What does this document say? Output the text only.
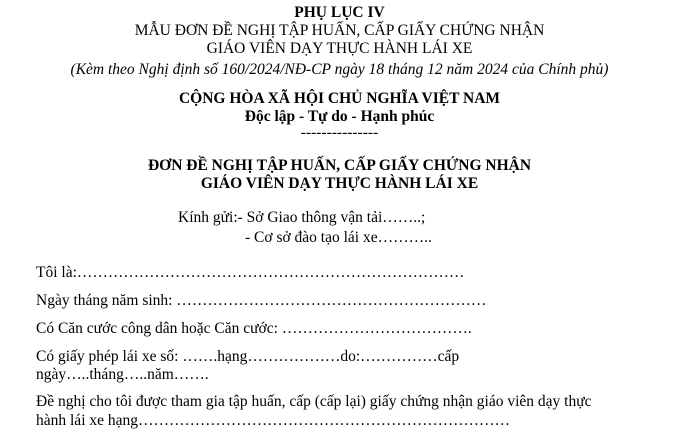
PHỤ LỤC IV
MẪU ĐƠN ĐỀ NGHỊ TẬP HUẤN, CẤP GIẤY CHỨNG NHẬN
GIÁO VIÊN DẠY THỰC HÀNH LÁI XE
(Kèm theo Nghị định số 160/2024/NĐ-CP ngày 18 tháng 12 năm 2024 của Chính phủ)
CỘNG HÒA XÃ HỘI CHỦ NGHĨA VIỆT NAM
Độc lập - Tự do - Hạnh phúc
---------------
ĐƠN ĐỀ NGHỊ TẬP HUẤN, CẤP GIẤY CHỨNG NHẬN
GIÁO VIÊN DẠY THỰC HÀNH LÁI XE
Kính gửi:- Sở Giao thông vận tải……..;
- Cơ sở đào tạo lái xe………..
Tôi là:…………………………………………………………………
Ngày tháng năm sinh: ……………………………………………………
Có Căn cước công dân hoặc Căn cước: ……………………………….
Có giấy phép lái xe số: …….hạng………………do:……………cấp
ngày…..tháng…..năm…….
Đề nghị cho tôi được tham gia tập huấn, cấp (cấp lại) giấy chứng nhận giáo viên dạy thực
hành lái xe hạng………………………………………………………………
